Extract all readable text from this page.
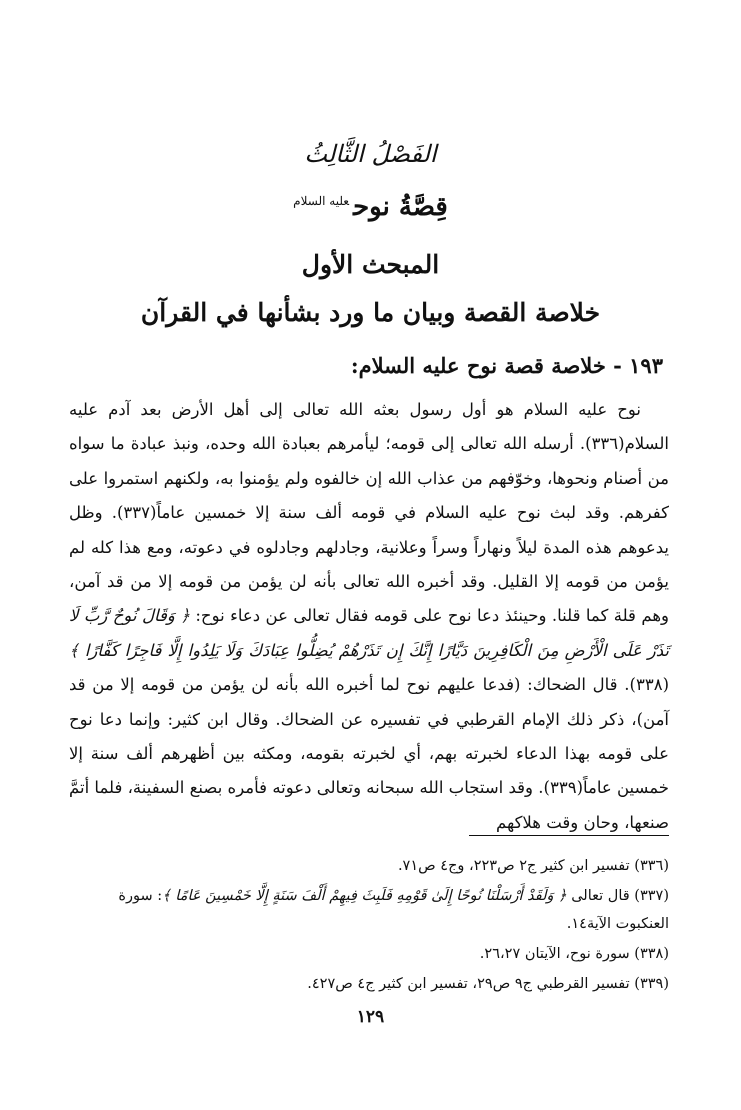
الفَصْلُ الثَّالِثُ
قِصَّةُ نوح$^{عليه السلام}$
المبحث الأول
خلاصة القصة وبيان ما ورد بشأنها في القرآن
١٩٣ - خلاصة قصة نوح عليه السلام:

نوح عليه السلام هو أول رسول بعثه الله تعالى إلى أهل الأرض بعد آدم عليه السلام(٣٣٦). أرسله الله تعالى إلى قومه؛ ليأمرهم بعبادة الله وحده، ونبذ عبادة ما سواه من أصنام ونحوها، وخوّفهم من عذاب الله إن خالفوه ولم يؤمنوا به، ولكنهم استمروا على كفرهم. وقد لبث نوح عليه السلام في قومه ألف سنة إلا خمسين عاماً(٣٣٧). وظل يدعوهم هذه المدة ليلاً ونهاراً وسراً وعلانية، وجادلهم وجادلوه في دعوته، ومع هذا كله لم يؤمن من قومه إلا القليل. وقد أخبره الله تعالى بأنه لن يؤمن من قومه إلا من قد آمن، وهم قلة كما قلنا. وحينئذ دعا نوح على قومه فقال تعالى عن دعاء نوح: ﴿ وَقَالَ نُوحٌ رَّبِّ لَا تَذَرْ عَلَى الْأَرْضِ مِنَ الْكَافِرِينَ دَيَّارًا إِنَّكَ إِن تَذَرْهُمْ يُضِلُّوا عِبَادَكَ وَلَا يَلِدُوا إِلَّا فَاجِرًا كَفَّارًا ﴾(٣٣٨). قال الضحاك: (فدعا عليهم نوح لما أخبره الله بأنه لن يؤمن من قومه إلا من قد آمن)، ذكر ذلك الإمام القرطبي في تفسيره عن الضحاك. وقال ابن كثير: وإنما دعا نوح على قومه بهذا الدعاء لخبرته بهم، أي لخبرته بقومه، ومكثه بين أظهرهم ألف سنة إلا خمسين عاماً(٣٣٩). وقد استجاب الله سبحانه وتعالى دعوته فأمره بصنع السفينة، فلما أتمَّ صنعها، وحان وقت هلاكهم

(٣٣٦) تفسير ابن كثير ج٢ ص٢٢٣، وج٤ ص٧١.

(٣٣٧) قال تعالى ﴿ وَلَقَدْ أَرْسَلْنَا نُوحًا إِلَىٰ قَوْمِهِ فَلَبِثَ فِيهِمْ أَلْفَ سَنَةٍ إِلَّا خَمْسِينَ عَامًا ﴾: سورة العنكبوت الآية١٤.

(٣٣٨) سورة نوح، الآيتان ٢٦،٢٧.

(٣٣٩) تفسير القرطبي ج٩ ص٢٩، تفسير ابن كثير ج٤ ص٤٢٧.

١٢٩
